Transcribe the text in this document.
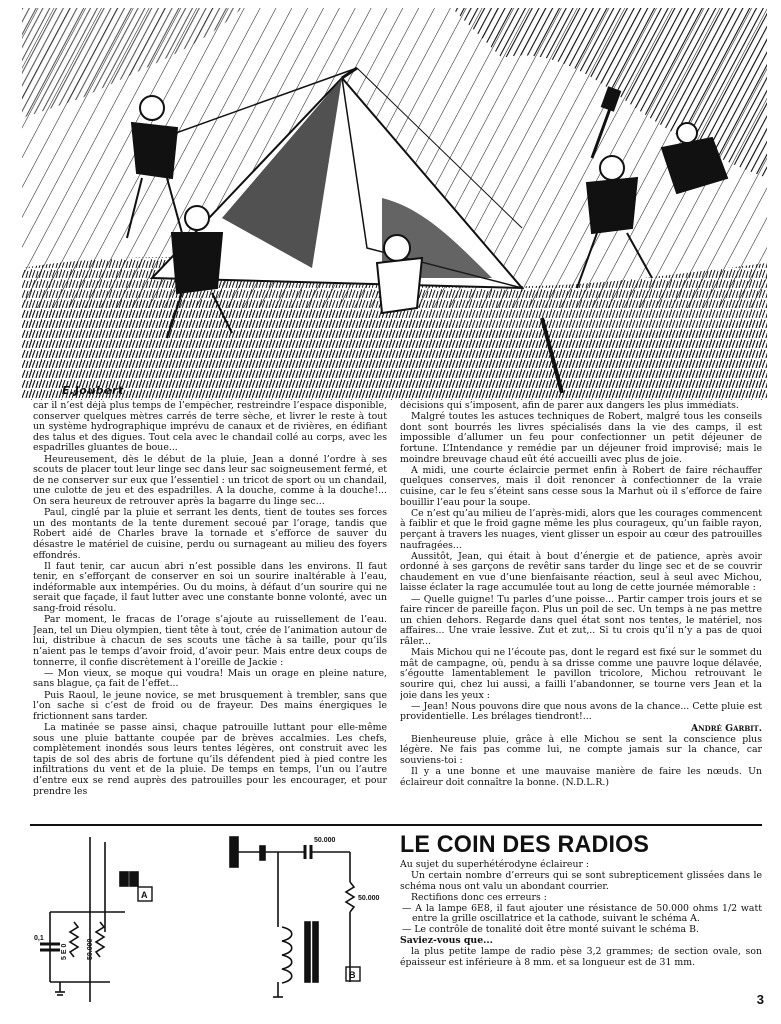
E.Joubert

car il n’est déjà plus temps de l’empêcher, restreindre l’espace disponible, conserver quelques mètres carrés de terre sèche, et livrer le reste à tout un système hydrographique imprévu de canaux et de rivières, en édifiant des talus et des digues. Tout cela avec le chandail collé au corps, avec les espadrilles gluantes de boue...

Heureusement, dès le début de la pluie, Jean a donné l’ordre à ses scouts de placer tout leur linge sec dans leur sac soigneusement fermé, et de ne conserver sur eux que l’essentiel : un tricot de sport ou un chandail, une culotte de jeu et des espadrilles. A la douche, comme à la douche!... On sera heureux de retrouver après la bagarre du linge sec...

Paul, cinglé par la pluie et serrant les dents, tient de toutes ses forces un des montants de la tente durement secoué par l’orage, tandis que Robert aidé de Charles brave la tornade et s’efforce de sauver du désastre le matériel de cuisine, perdu ou surnageant au milieu des foyers effondrés.

Il faut tenir, car aucun abri n’est possible dans les environs. Il faut tenir, en s’efforçant de conserver en soi un sourire inaltérable à l’eau, indéformable aux intempéries. Ou du moins, à défaut d’un sourire qui ne serait que façade, il faut lutter avec une constante bonne volonté, avec un sang-froid résolu.

Par moment, le fracas de l’orage s’ajoute au ruissellement de l’eau. Jean, tel un Dieu olympien, tient tête à tout, crée de l’animation autour de lui, distribue à chacun de ses scouts une tâche à sa taille, pour qu’ils n’aient pas le temps d’avoir froid, d’avoir peur. Mais entre deux coups de tonnerre, il confie discrètement à l’oreille de Jackie :

— Mon vieux, se moque qui voudra! Mais un orage en pleine nature, sans blague, ça fait de l’effet...

Puis Raoul, le jeune novice, se met brusquement à trembler, sans que l’on sache si c’est de froid ou de frayeur. Des mains énergiques le frictionnent sans tarder.

La matinée se passe ainsi, chaque patrouille luttant pour elle-même sous une pluie battante coupée par de brèves accalmies. Les chefs, complètement inondés sous leurs tentes légères, ont construit avec les tapis de sol des abris de fortune qu’ils défendent pied à pied contre les infiltrations du vent et de la pluie. De temps en temps, l’un ou l’autre d’entre eux se rend auprès des patrouilles pour les encourager, et pour prendre les

décisions qui s’imposent, afin de parer aux dangers les plus immédiats.

Malgré toutes les astuces techniques de Robert, malgré tous les conseils dont sont bourrés les livres spécialisés dans la vie des camps, il est impossible d’allumer un feu pour confectionner un petit déjeuner de fortune. L’Intendance y remédie par un déjeuner froid improvisé; mais le moindre breuvage chaud eût été accueilli avec plus de joie.

A midi, une courte éclaircie permet enfin à Robert de faire réchauffer quelques conserves, mais il doit renoncer à confectionner de la vraie cuisine, car le feu s’éteint sans cesse sous la Marhut où il s’efforce de faire bouillir l’eau pour la soupe.

Ce n’est qu’au milieu de l’après-midi, alors que les courages commencent à faiblir et que le froid gagne même les plus courageux, qu’un faible rayon, perçant à travers les nuages, vient glisser un espoir au cœur des patrouilles naufragées...

Aussitôt, Jean, qui était à bout d’énergie et de patience, après avoir ordonné à ses garçons de revêtir sans tarder du linge sec et de se couvrir chaudement en vue d’une bienfaisante réaction, seul à seul avec Michou, laisse éclater la rage accumulée tout au long de cette journée mémorable :

— Quelle guigne! Tu parles d’une poisse... Partir camper trois jours et se faire rincer de pareille façon. Plus un poil de sec. Un temps à ne pas mettre un chien dehors. Regarde dans quel état sont nos tentes, le matériel, nos affaires... Une vraie lessive. Zut et zut,.. Si tu crois qu’il n’y a pas de quoi râler...

Mais Michou qui ne l’écoute pas, dont le regard est fixé sur le sommet du mât de campagne, où, pendu à sa drisse comme une pauvre loque délavée, s’égoutte lamentablement le pavillon tricolore, Michou retrouvant le sourire qui, chez lui aussi, a failli l’abandonner, se tourne vers Jean et la joie dans les yeux :

— Jean! Nous pouvons dire que nous avons de la chance... Cette pluie est providentielle. Les brélages tiendront!...

André Garbit.

Bienheureuse pluie, grâce à elle Michou se sent la conscience plus légère. Ne fais pas comme lui, ne compte jamais sur la chance, car souviens-toi :

Il y a une bonne et une mauvaise manière de faire les nœuds. Un éclaireur doit connaître la bonne. (N.D.L.R.)

A
B
0,1
5 E 0	50.000
50.000
50.000
LE COIN DES RADIOS

Au sujet du superhétérodyne éclaireur :

Un certain nombre d’erreurs qui se sont subrepticement glissées dans le schéma nous ont valu un abondant courrier.

Rectifions donc ces erreurs :

— A la lampe 6E8, il faut ajouter une résistance de 50.000 ohms 1/2 watt entre la grille oscillatrice et la cathode, suivant le schéma A.

— Le contrôle de tonalité doit être monté suivant le schéma B.

Saviez-vous que...

la plus petite lampe de radio pèse 3,2 grammes; de section ovale, son épaisseur est inférieure à 8 mm. et sa longueur est de 31 mm.

3
